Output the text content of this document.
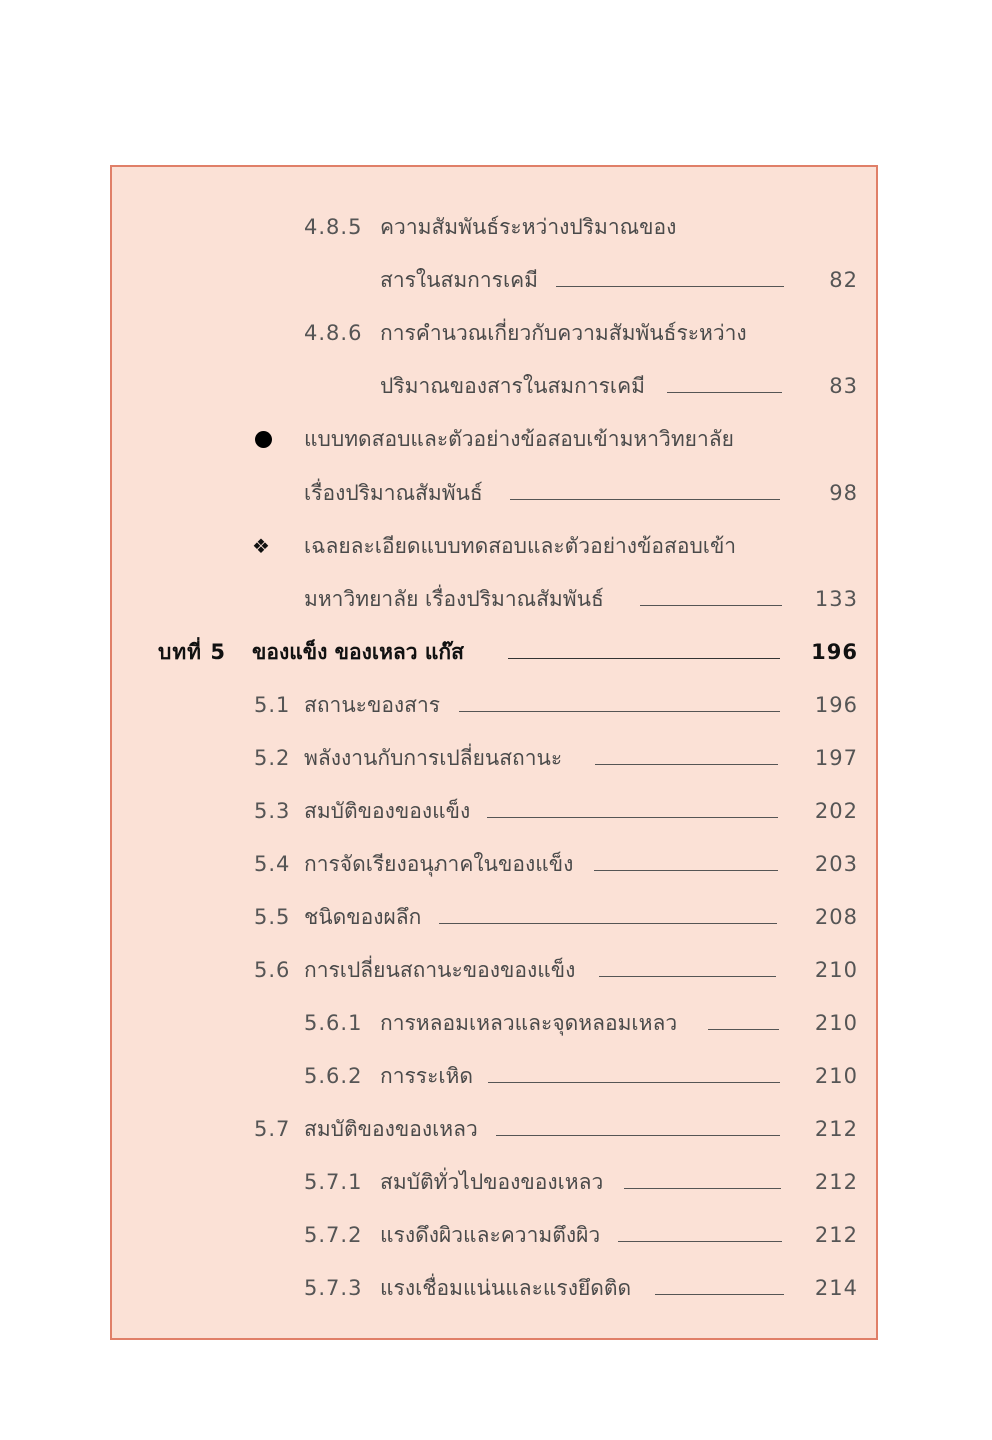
4.8.5 ความสัมพันธ์ระหว่างปริมาณของ
สารในสมการเคมี	82
4.8.6 การคำนวณเกี่ยวกับความสัมพันธ์ระหว่าง
ปริมาณของสารในสมการเคมี	83
แบบทดสอบและตัวอย่างข้อสอบเข้ามหาวิทยาลัย
เรื่องปริมาณสัมพันธ์	98
❖ เฉลยละเอียดแบบทดสอบและตัวอย่างข้อสอบเข้า
มหาวิทยาลัย เรื่องปริมาณสัมพันธ์	133
บทที่ 5 ของแข็ง ของเหลว แก๊ส	196
5.1 สถานะของสาร	196
5.2 พลังงานกับการเปลี่ยนสถานะ	197
5.3 สมบัติของของแข็ง	202
5.4 การจัดเรียงอนุภาคในของแข็ง	203
5.5 ชนิดของผลึก	208
5.6 การเปลี่ยนสถานะของของแข็ง	210
5.6.1 การหลอมเหลวและจุดหลอมเหลว	210
5.6.2 การระเหิด	210
5.7 สมบัติของของเหลว	212
5.7.1 สมบัติทั่วไปของของเหลว	212
5.7.2 แรงดึงผิวและความตึงผิว	212
5.7.3 แรงเชื่อมแน่นและแรงยึดติด	214
